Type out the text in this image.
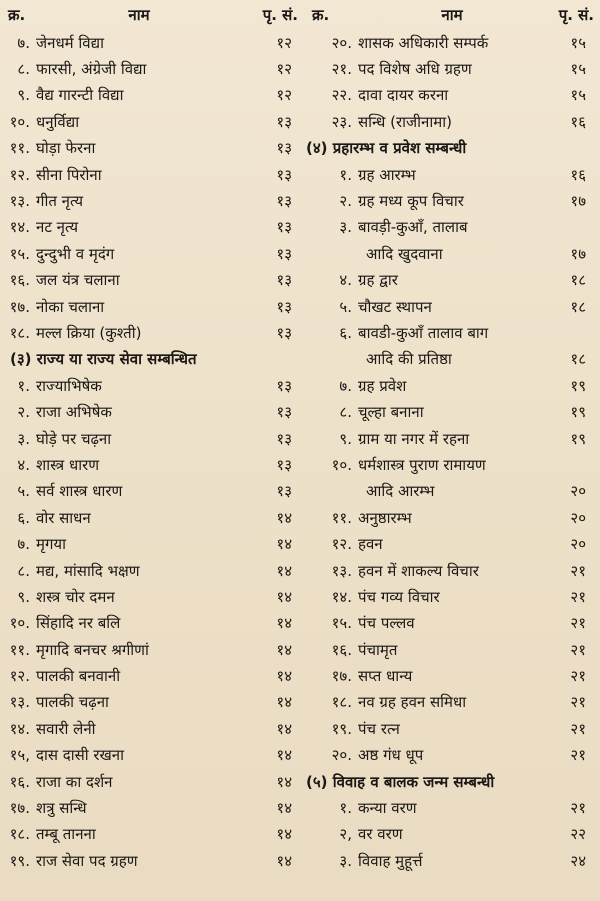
क्र.	नाम	पृ. सं.	क्र.	नाम	पृ. सं.
७.	जेनधर्म विद्या	१२	२०.	शासक अधिकारी सम्पर्क	१५
८.	फारसी, अंग्रेजी विद्या	१२	२१.	पद विशेष अधि ग्रहण	१५
९.	वैद्य गारन्टी विद्या	१२	२२.	दावा दायर करना	१५
१०.	धनुर्विद्या	१३	२३.	सन्धि (राजीनामा)	१६
११.	घोड़ा फेरना	१३	(४) प्रहारम्भ व प्रवेश सम्बन्धी		
१२.	सीना पिरोना	१३	१.	ग्रह आरम्भ	१६
१३.	गीत नृत्य	१३	२.	ग्रह मध्य कूप विचार	१७
१४.	नट नृत्य	१३	३.	बावड़ी-कुआँ, तालाब	
१५.	दुन्दुभी व मृदंग	१३		आदि खुदवाना	१७
१६.	जल यंत्र चलाना	१३	४.	ग्रह द्वार	१८
१७.	नोका चलाना	१३	५.	चौखट स्थापन	१८
१८.	मल्ल क्रिया (कुश्ती)	१३	६.	बावडी-कुआँ तालाव बाग	
(३) राज्य या राज्य सेवा सम्बन्धित				आदि की प्रतिष्ठा	१८
१.	राज्याभिषेक	१३	७.	ग्रह प्रवेश	१९
२.	राजा अभिषेक	१३	८.	चूल्हा बनाना	१९
३.	घोड़े पर चढ़ना	१३	९.	ग्राम या नगर में रहना	१९
४.	शास्त्र धारण	१३	१०.	धर्मशास्त्र पुराण रामायण	
५.	सर्व शास्त्र धारण	१३		आदि आरम्भ	२०
६.	वोर साधन	१४	११.	अनुष्ठारम्भ	२०
७.	मृगया	१४	१२.	हवन	२०
८.	मद्य, मांसादि भक्षण	१४	१३.	हवन में शाकल्य विचार	२१
९.	शस्त्र चोर दमन	१४	१४.	पंच गव्य विचार	२१
१०.	सिंहादि नर बलि	१४	१५.	पंच पल्लव	२१
११.	मृगादि बनचर श्रगीणां	१४	१६.	पंचामृत	२१
१२.	पालकी बनवानी	१४	१७.	सप्त धान्य	२१
१३.	पालकी चढ़ना	१४	१८.	नव ग्रह हवन समिधा	२१
१४.	सवारी लेनी	१४	१९.	पंच रत्न	२१
१५,	दास दासी रखना	१४	२०.	अष्ठ गंध धूप	२१
१६.	राजा का दर्शन	१४	(५) विवाह व बालक जन्म सम्बन्धी		
१७.	शत्रु सन्धि	१४	१.	कन्या वरण	२१
१८.	तम्बू तानना	१४	२,	वर वरण	२२
१९.	राज सेवा पद ग्रहण	१४	३.	विवाह मुहूर्त्त	२४
